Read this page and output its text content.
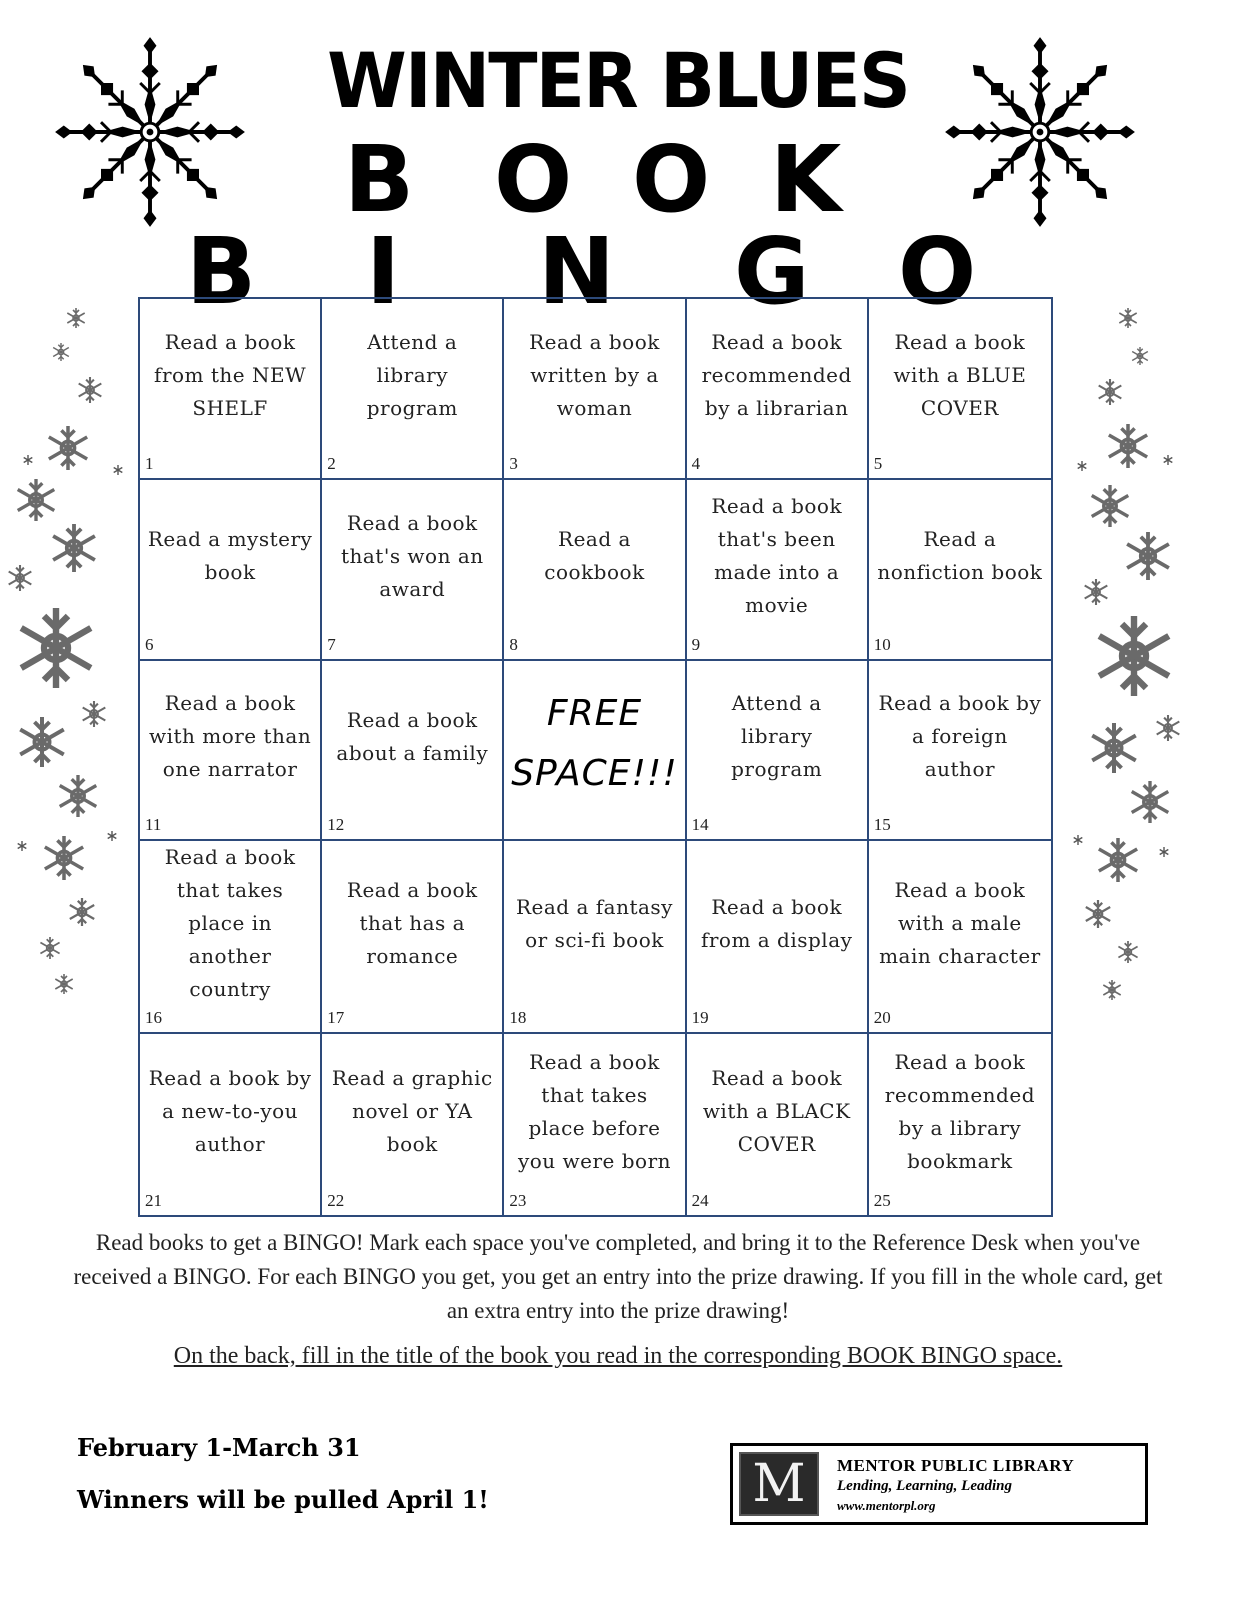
WINTER BLUES
B O O K
B I N G O
Read a book from the NEW SHELF
1
Attend a library program
2
Read a book written by a woman
3
Read a book recommended by a librarian
4
Read a book with a BLUE COVER
5
Read a mystery book
6
Read a book that's won an award
7
Read a cookbook
8
Read a book that's been made into a movie
9
Read a nonfiction book
10
Read a book with more than one narrator
11
Read a book about a family
12
FREE SPACE!!!
Attend a library program
14
Read a book by a foreign author
15
Read a book that takes place in another country
16
Read a book that has a romance
17
Read a fantasy or sci-fi book
18
Read a book from a display
19
Read a book with a male main character
20
Read a book by a new-to-you author
21
Read a graphic novel or YA book
22
Read a book that takes place before you were born
23
Read a book with a BLACK COVER
24
Read a book recommended by a library bookmark
25
Read books to get a BINGO! Mark each space you've completed, and bring it to the Reference Desk when you've received a BINGO. For each BINGO you get, you get an entry into the prize drawing. If you fill in the whole card, get an extra entry into the prize drawing!
On the back, fill in the title of the book you read in the corresponding BOOK BINGO space.
February 1-March 31
Winners will be pulled April 1!	M	MENTOR PUBLIC LIBRARY
Lending, Learning, Leading
www.mentorpl.org
